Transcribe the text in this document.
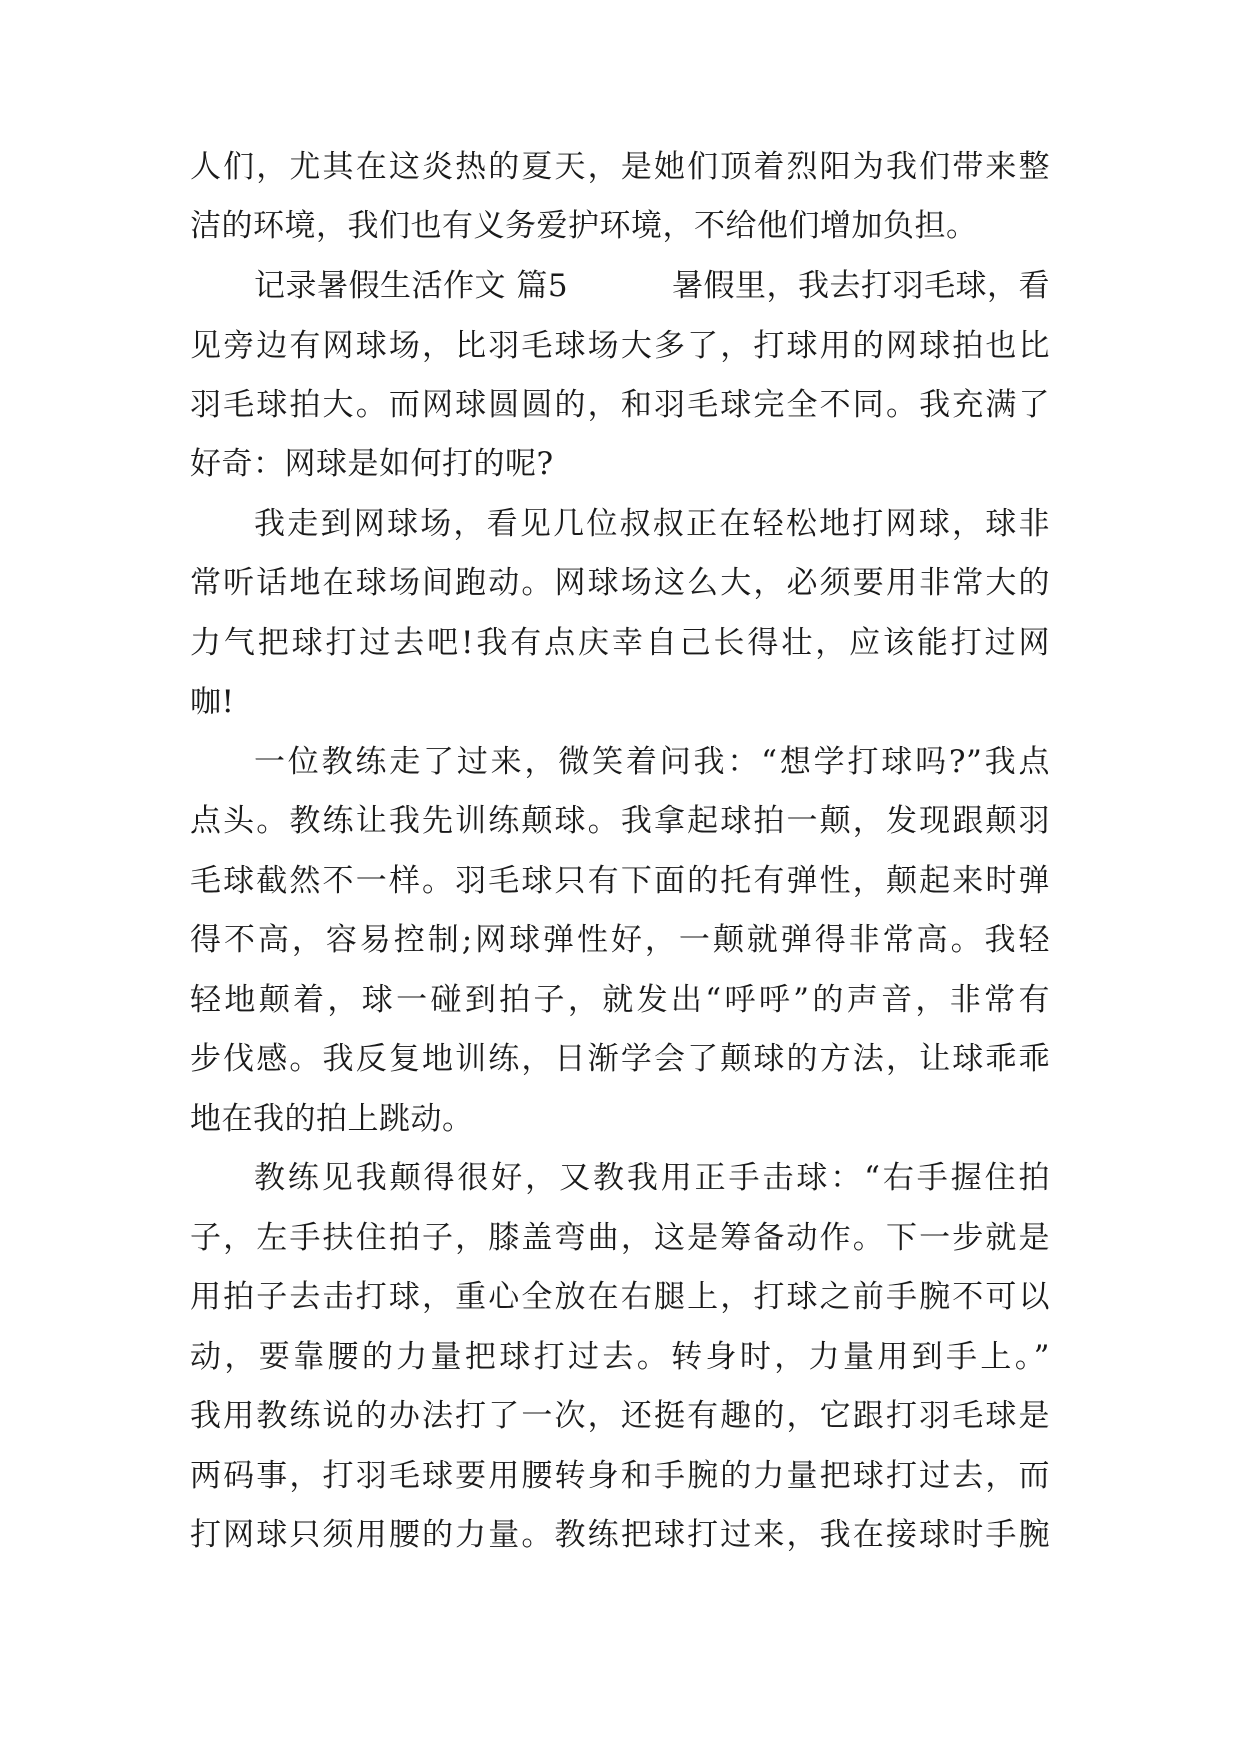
人们，尤其在这炎热的夏天，是她们顶着烈阳为我们带来整
洁的环境，我们也有义务爱护环境，不给他们增加负担。
记录暑假生活作文 篇5	暑假里，我去打羽毛球，看
见旁边有网球场，比羽毛球场大多了，打球用的网球拍也比
羽毛球拍大。而网球圆圆的，和羽毛球完全不同。我充满了
好奇：网球是如何打的呢?
我走到网球场，看见几位叔叔正在轻松地打网球，球非
常听话地在球场间跑动。网球场这么大，必须要用非常大的
力气把球打过去吧!我有点庆幸自己长得壮，应该能打过网
咖!
一位教练走了过来，微笑着问我：“想学打球吗?”我点
点头。教练让我先训练颠球。我拿起球拍一颠，发现跟颠羽
毛球截然不一样。羽毛球只有下面的托有弹性，颠起来时弹
得不高，容易控制;网球弹性好，一颠就弹得非常高。我轻
轻地颠着，球一碰到拍子，就发出“呼呼”的声音，非常有
步伐感。我反复地训练，日渐学会了颠球的方法，让球乖乖
地在我的拍上跳动。
教练见我颠得很好，又教我用正手击球：“右手握住拍
子，左手扶住拍子，膝盖弯曲，这是筹备动作。下一步就是
用拍子去击打球，重心全放在右腿上，打球之前手腕不可以
动，要靠腰的力量把球打过去。转身时，力量用到手上。”
我用教练说的办法打了一次，还挺有趣的，它跟打羽毛球是
两码事，打羽毛球要用腰转身和手腕的力量把球打过去，而
打网球只须用腰的力量。教练把球打过来，我在接球时手腕
